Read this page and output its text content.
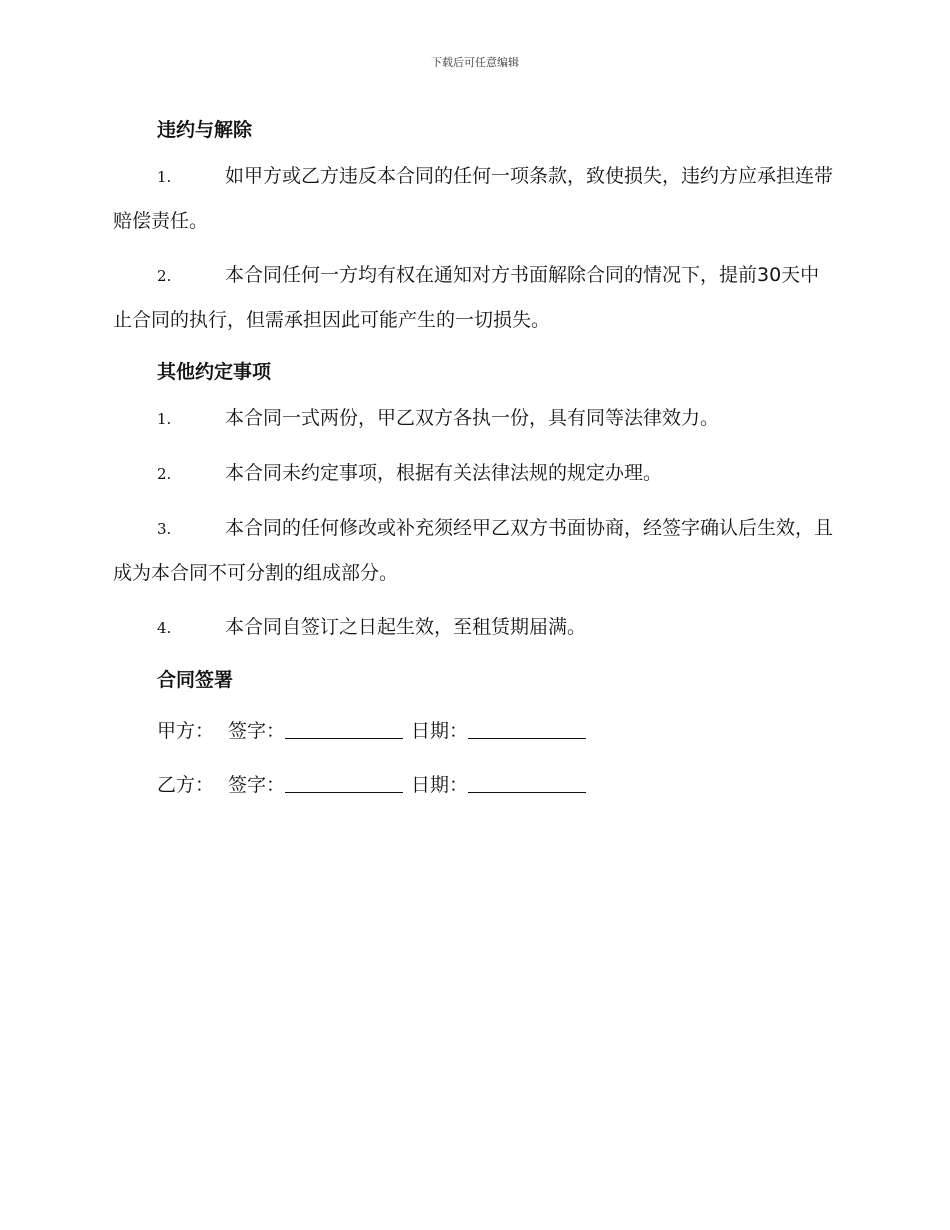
下载后可任意编辑
违约与解除
1.	如甲方或乙方违反本合同的任何一项条款，致使损失，违约方应承担连带赔偿责任。
2.	本合同任何一方均有权在通知对方书面解除合同的情况下，提前30天中止合同的执行，但需承担因此可能产生的一切损失。
其他约定事项
1.	本合同一式两份，甲乙双方各执一份，具有同等法律效力。
2.	本合同未约定事项，根据有关法律法规的规定办理。
3.	本合同的任何修改或补充须经甲乙双方书面协商，经签字确认后生效，且成为本合同不可分割的组成部分。
4.	本合同自签订之日起生效，至租赁期届满。
合同签署
甲方： 签字：	日期：
乙方： 签字：	日期：
